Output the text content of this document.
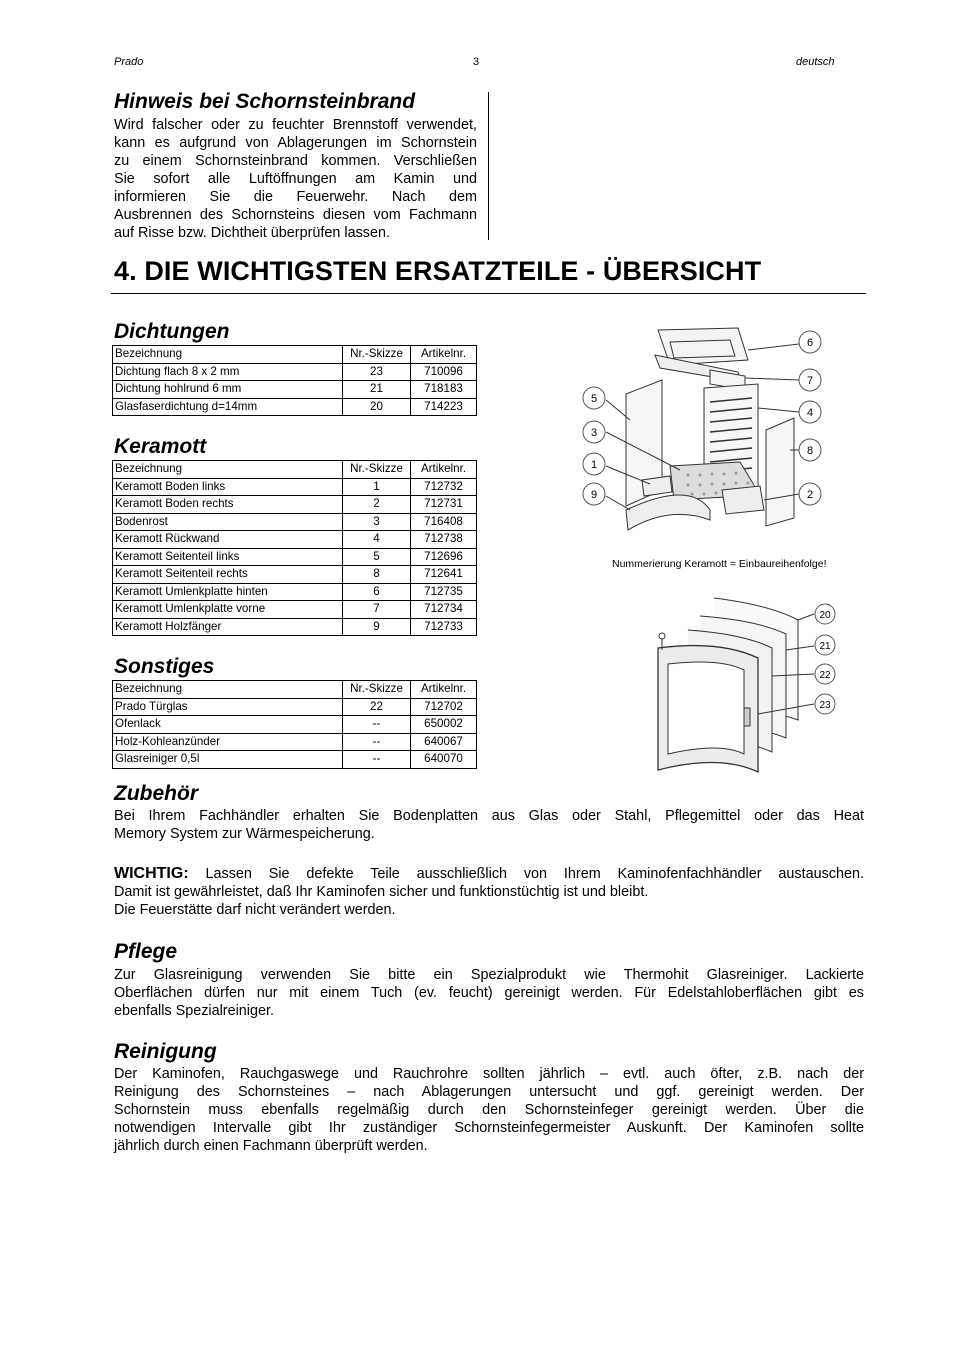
Prado	3	deutsch
Hinweis bei Schornsteinbrand
Wird falscher oder zu feuchter Brennstoff verwendet,
kann es aufgrund von Ablagerungen im Schornstein
zu einem Schornsteinbrand kommen. Verschließen
Sie sofort alle Luftöffnungen am Kamin und
informieren Sie die Feuerwehr. Nach dem
Ausbrennen des Schornsteins diesen vom Fachmann
auf Risse bzw. Dichtheit überprüfen lassen.
4. DIE WICHTIGSTEN ERSATZTEILE - ÜBERSICHT
Dichtungen
Bezeichnung	Nr.-Skizze	Artikelnr.
Dichtung flach 8 x 2 mm	23	710096
Dichtung hohlrund 6 mm	21	718183
Glasfaserdichtung d=14mm	20	714223
Keramott
Bezeichnung	Nr.-Skizze	Artikelnr.
Keramott Boden links	1	712732
Keramott Boden rechts	2	712731
Bodenrost	3	716408
Keramott Rückwand	4	712738
Keramott Seitenteil links	5	712696
Keramott Seitenteil rechts	8	712641
Keramott Umlenkplatte hinten	6	712735
Keramott Umlenkplatte vorne	7	712734
Keramott Holzfänger	9	712733
Sonstiges
Bezeichnung	Nr.-Skizze	Artikelnr.
Prado Türglas	22	712702
Ofenlack	--	650002
Holz-Kohleanzünder	--	640067
Glasreiniger 0,5l	--	640070
6
7
5
4
3
8
1
9	2
Nummerierung Keramott = Einbaureihenfolge!
20
21
22
23
Zubehör
Bei Ihrem Fachhändler erhalten Sie Bodenplatten aus Glas oder Stahl, Pflegemittel oder das Heat
Memory System zur Wärmespeicherung.
WICHTIG: Lassen Sie defekte Teile ausschließlich von Ihrem Kaminofenfachhändler austauschen.
Damit ist gewährleistet, daß Ihr Kaminofen sicher und funktionstüchtig ist und bleibt.
Die Feuerstätte darf nicht verändert werden.
Pflege
Zur Glasreinigung verwenden Sie bitte ein Spezialprodukt wie Thermohit Glasreiniger. Lackierte
Oberflächen dürfen nur mit einem Tuch (ev. feucht) gereinigt werden. Für Edelstahloberflächen gibt es
ebenfalls Spezialreiniger.
Reinigung
Der Kaminofen, Rauchgaswege und Rauchrohre sollten jährlich – evtl. auch öfter, z.B. nach der
Reinigung des Schornsteines – nach Ablagerungen untersucht und ggf. gereinigt werden. Der
Schornstein muss ebenfalls regelmäßig durch den Schornsteinfeger gereinigt werden. Über die
notwendigen Intervalle gibt Ihr zuständiger Schornsteinfegermeister Auskunft. Der Kaminofen sollte
jährlich durch einen Fachmann überprüft werden.
